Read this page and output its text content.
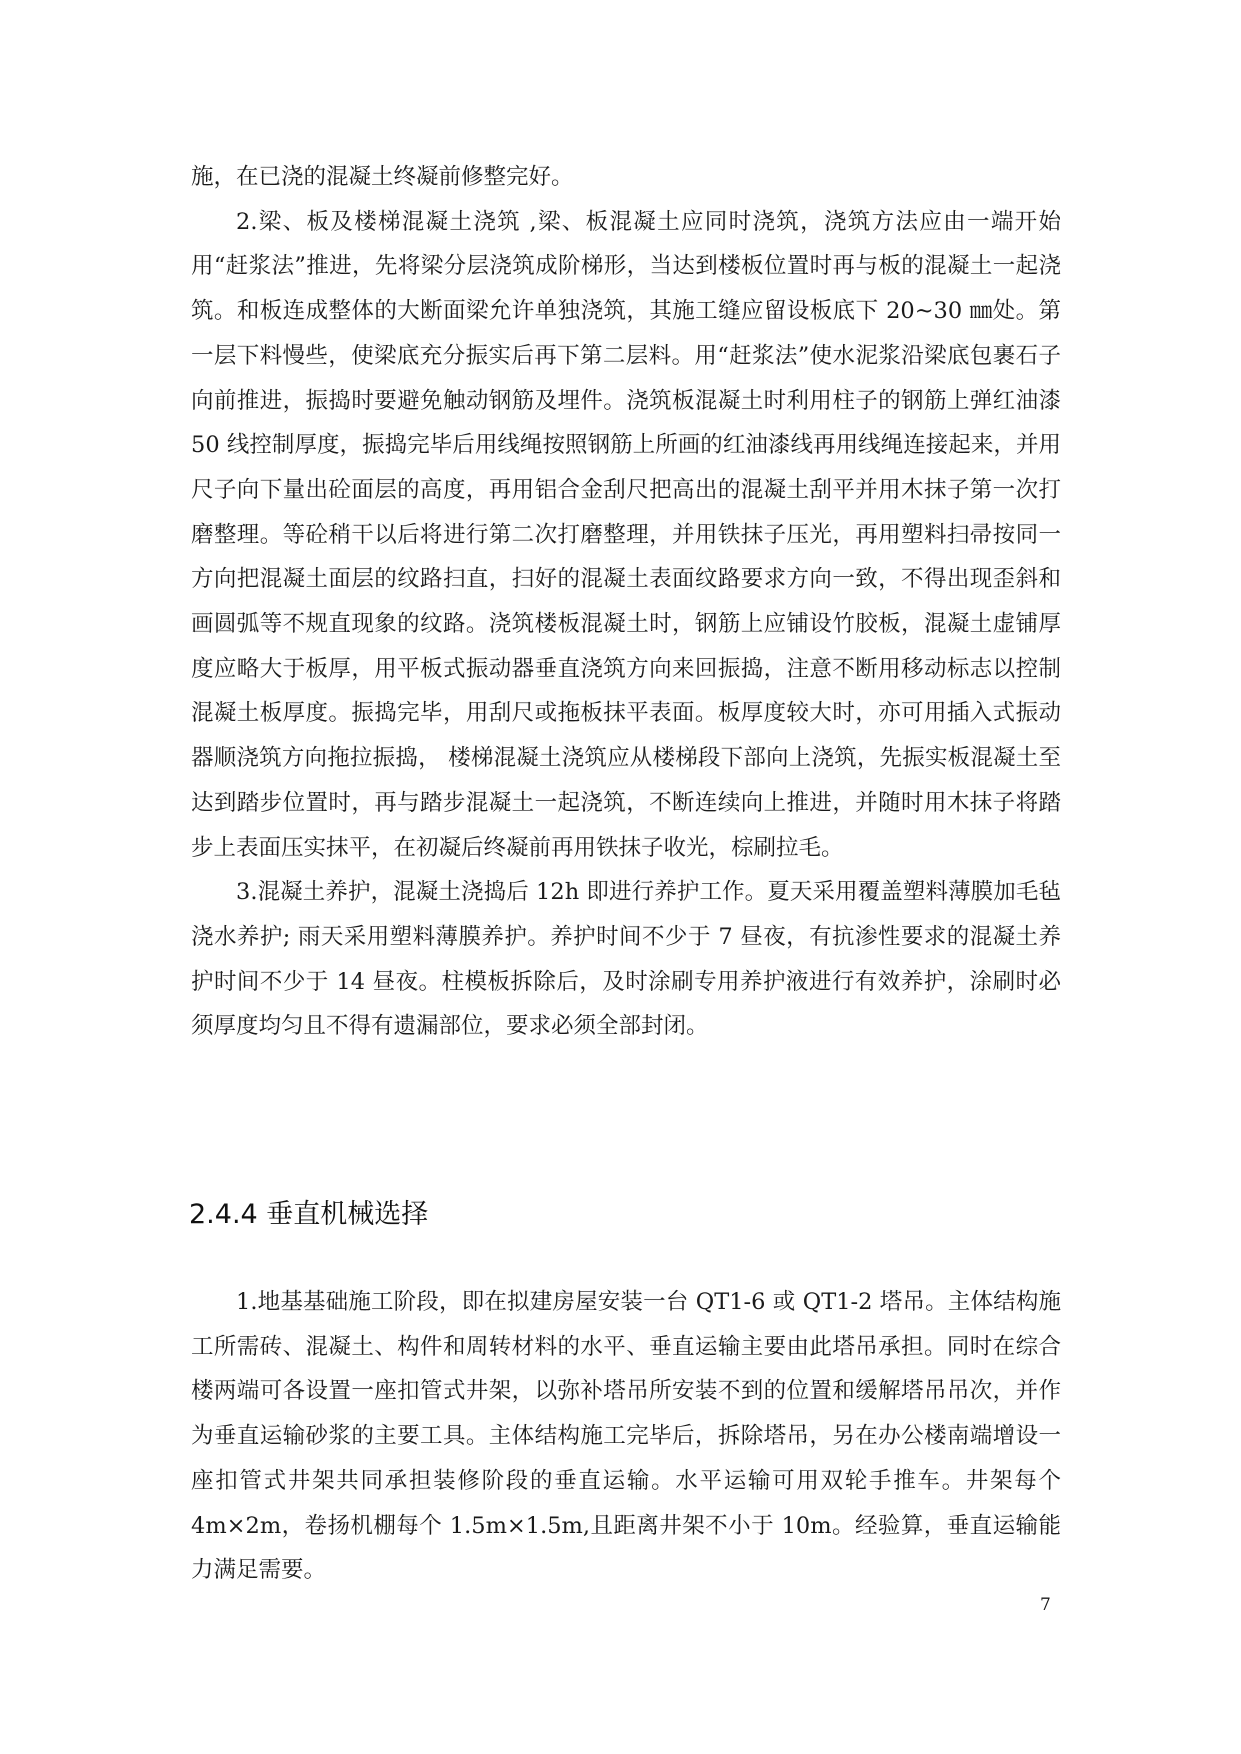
施，在已浇的混凝土终凝前修整完好。

2.梁、板及楼梯混凝土浇筑 ,梁、板混凝土应同时浇筑，浇筑方法应由一端开始用“赶浆法”推进，先将梁分层浇筑成阶梯形，当达到楼板位置时再与板的混凝土一起浇筑。和板连成整体的大断面梁允许单独浇筑，其施工缝应留设板底下 20~30 ㎜处。第一层下料慢些，使梁底充分振实后再下第二层料。用“赶浆法”使水泥浆沿梁底包裹石子向前推进，振捣时要避免触动钢筋及埋件。浇筑板混凝土时利用柱子的钢筋上弹红油漆 50 线控制厚度，振捣完毕后用线绳按照钢筋上所画的红油漆线再用线绳连接起来，并用尺子向下量出砼面层的高度，再用铝合金刮尺把高出的混凝土刮平并用木抹子第一次打磨整理。等砼稍干以后将进行第二次打磨整理，并用铁抹子压光，再用塑料扫帚按同一方向把混凝土面层的纹路扫直，扫好的混凝土表面纹路要求方向一致，不得出现歪斜和画圆弧等不规直现象的纹路。浇筑楼板混凝土时，钢筋上应铺设竹胶板，混凝土虚铺厚度应略大于板厚，用平板式振动器垂直浇筑方向来回振捣，注意不断用移动标志以控制混凝土板厚度。振捣完毕，用刮尺或拖板抹平表面。板厚度较大时，亦可用插入式振动器顺浇筑方向拖拉振捣， 楼梯混凝土浇筑应从楼梯段下部向上浇筑，先振实板混凝土至达到踏步位置时，再与踏步混凝土一起浇筑，不断连续向上推进，并随时用木抹子将踏步上表面压实抹平，在初凝后终凝前再用铁抹子收光，棕刷拉毛。

3.混凝土养护，混凝土浇捣后 12h 即进行养护工作。夏天采用覆盖塑料薄膜加毛毡浇水养护; 雨天采用塑料薄膜养护。养护时间不少于 7 昼夜，有抗渗性要求的混凝土养护时间不少于 14 昼夜。柱模板拆除后，及时涂刷专用养护液进行有效养护，涂刷时必须厚度均匀且不得有遗漏部位，要求必须全部封闭。

2.4.4 垂直机械选择

1.地基基础施工阶段，即在拟建房屋安装一台 QT1-6 或 QT1-2 塔吊。主体结构施工所需砖、混凝土、构件和周转材料的水平、垂直运输主要由此塔吊承担。同时在综合楼两端可各设置一座扣管式井架，以弥补塔吊所安装不到的位置和缓解塔吊吊次，并作为垂直运输砂浆的主要工具。主体结构施工完毕后，拆除塔吊，另在办公楼南端增设一座扣管式井架共同承担装修阶段的垂直运输。水平运输可用双轮手推车。井架每个 4m×2m，卷扬机棚每个 1.5m×1.5m,且距离井架不小于 10m。经验算，垂直运输能力满足需要。

7
